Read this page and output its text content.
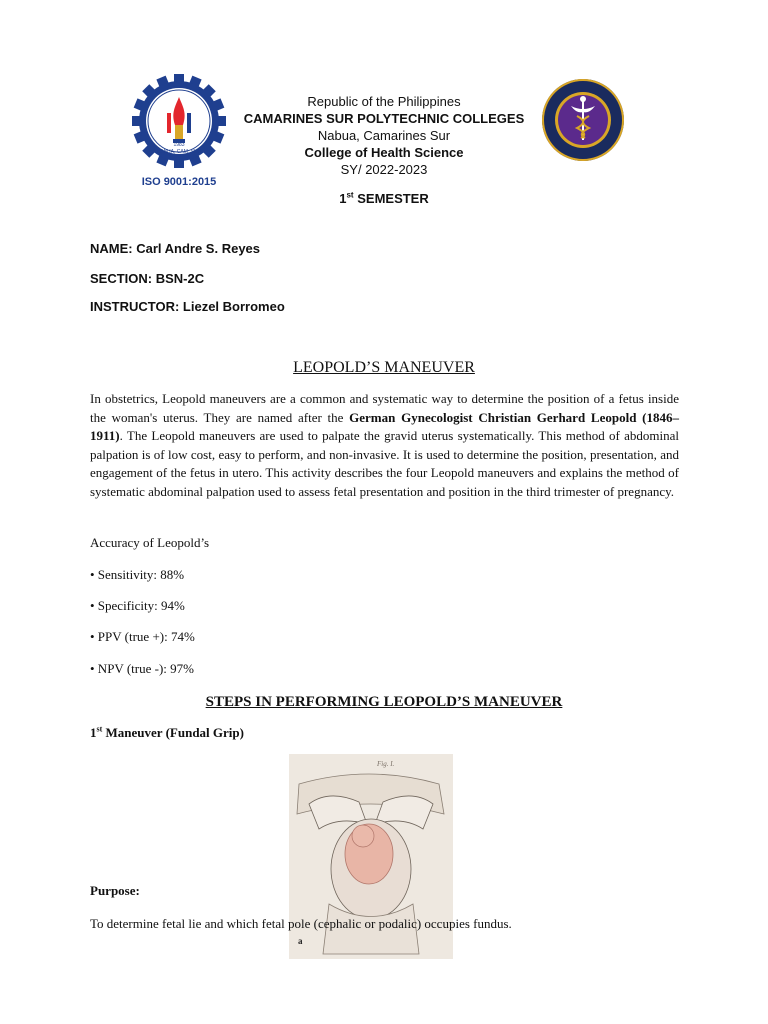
NABUA, CAM. SUR
1983
ISO 9001:2015
Republic of the Philippines
CAMARINES SUR POLYTECHNIC COLLEGES
Nabua, Camarines Sur
College of Health Science
SY/ 2022-2023
1st SEMESTER
NAME: Carl Andre S. Reyes
SECTION: BSN-2C
INSTRUCTOR: Liezel Borromeo
LEOPOLD’S MANEUVER
In obstetrics, Leopold maneuvers are a common and systematic way to determine the position of a fetus inside the woman's uterus. They are named after the German Gynecologist Christian Gerhard Leopold (1846–1911). The Leopold maneuvers are used to palpate the gravid uterus systematically. This method of abdominal palpation is of low cost, easy to perform, and non-invasive. It is used to determine the position, presentation, and engagement of the fetus in utero. This activity describes the four Leopold maneuvers and explains the method of systematic abdominal palpation used to assess fetal presentation and position in the third trimester of pregnancy.
Accuracy of Leopold’s
• Sensitivity: 88%
• Specificity: 94%
• PPV (true +): 74%
• NPV (true -): 97%
STEPS IN PERFORMING LEOPOLD’S MANEUVER
1st Maneuver (Fundal Grip)
Fig. I.
a
Purpose:
To determine fetal lie and which fetal pole (cephalic or podalic) occupies fundus.
